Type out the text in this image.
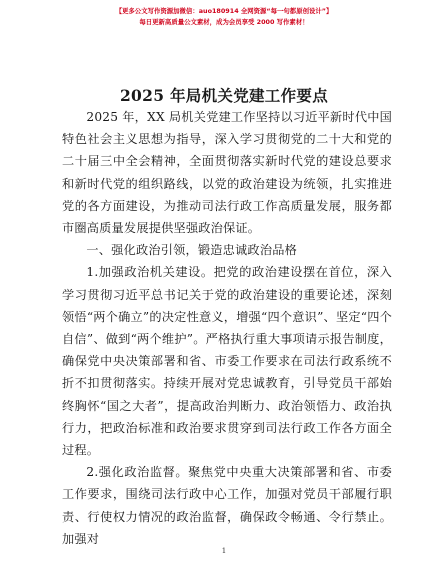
【更多公文写作资源加微信：auo180914 全网资源“每一句都原创设计”】
每日更新高质量公文素材，成为会员享受 2000 写作素材！
2025 年局机关党建工作要点

2025 年，XX 局机关党建工作坚持以习近平新时代中国特色社会主义思想为指导，深入学习贯彻党的二十大和党的二十届三中全会精神，全面贯彻落实新时代党的建设总要求和新时代党的组织路线，以党的政治建设为统领，扎实推进党的各方面建设，为推动司法行政工作高质量发展，服务都市圈高质量发展提供坚强政治保证。

一、强化政治引领，锻造忠诚政治品格

1.加强政治机关建设。把党的政治建设摆在首位，深入学习贯彻习近平总书记关于党的政治建设的重要论述，深刻领悟“两个确立”的决定性意义，增强“四个意识”、坚定“四个自信”、做到“两个维护”。严格执行重大事项请示报告制度，确保党中央决策部署和省、市委工作要求在司法行政系统不折不扣贯彻落实。持续开展对党忠诚教育，引导党员干部始终胸怀“国之大者”，提高政治判断力、政治领悟力、政治执行力，把政治标准和政治要求贯穿到司法行政工作各方面全过程。

2.强化政治监督。聚焦党中央重大决策部署和省、市委工作要求，围绕司法行政中心工作，加强对党员干部履行职责、行使权力情况的政治监督，确保政令畅通、令行禁止。加强对

1
